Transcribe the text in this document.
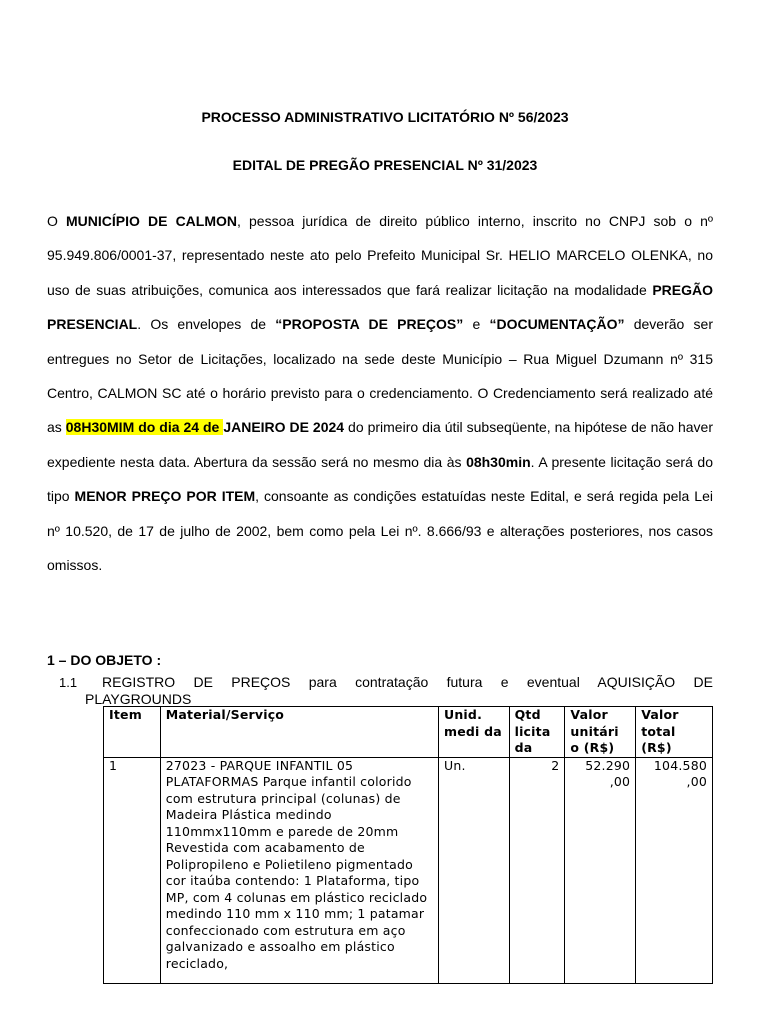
PROCESSO ADMINISTRATIVO LICITATÓRIO Nº 56/2023
EDITAL DE PREGÃO PRESENCIAL Nº 31/2023
O MUNICÍPIO DE CALMON, pessoa jurídica de direito público interno, inscrito no CNPJ sob o nº 95.949.806/0001-37, representado neste ato pelo Prefeito Municipal Sr. HELIO MARCELO OLENKA, no uso de suas atribuições, comunica aos interessados que fará realizar licitação na modalidade PREGÃO PRESENCIAL. Os envelopes de “PROPOSTA DE PREÇOS” e “DOCUMENTAÇÃO” deverão ser entregues no Setor de Licitações, localizado na sede deste Município – Rua Miguel Dzumann nº 315 Centro, CALMON SC até o horário previsto para o credenciamento. O Credenciamento será realizado até as 08H30MIM do dia 24 de JANEIRO DE 2024 do primeiro dia útil subseqüente, na hipótese de não haver expediente nesta data. Abertura da sessão será no mesmo dia às 08h30min. A presente licitação será do tipo MENOR PREÇO POR ITEM, consoante as condições estatuídas neste Edital, e será regida pela Lei nº 10.520, de 17 de julho de 2002, bem como pela Lei nº. 8.666/93 e alterações posteriores, nos casos omissos.
1 – DO OBJETO :
1.1 REGISTRO DE PREÇOS para contratação futura e eventual AQUISIÇÃO DE
PLAYGROUNDS
Item	Material/Serviço	Unid. medi da	Qtd licita da	Valor unitári o (R$)	Valor total (R$)
1	27023 - PARQUE INFANTIL 05 PLATAFORMAS Parque infantil colorido com estrutura principal (colunas) de Madeira Plástica medindo 110mmx110mm e parede de 20mm Revestida com acabamento de Polipropileno e Polietileno pigmentado cor itaúba contendo: 1 Plataforma, tipo MP, com 4 colunas em plástico reciclado medindo 110 mm x 110 mm; 1 patamar confeccionado com estrutura em aço galvanizado e assoalho em plástico reciclado,	Un.	2	52.290 ,00	104.580 ,00
